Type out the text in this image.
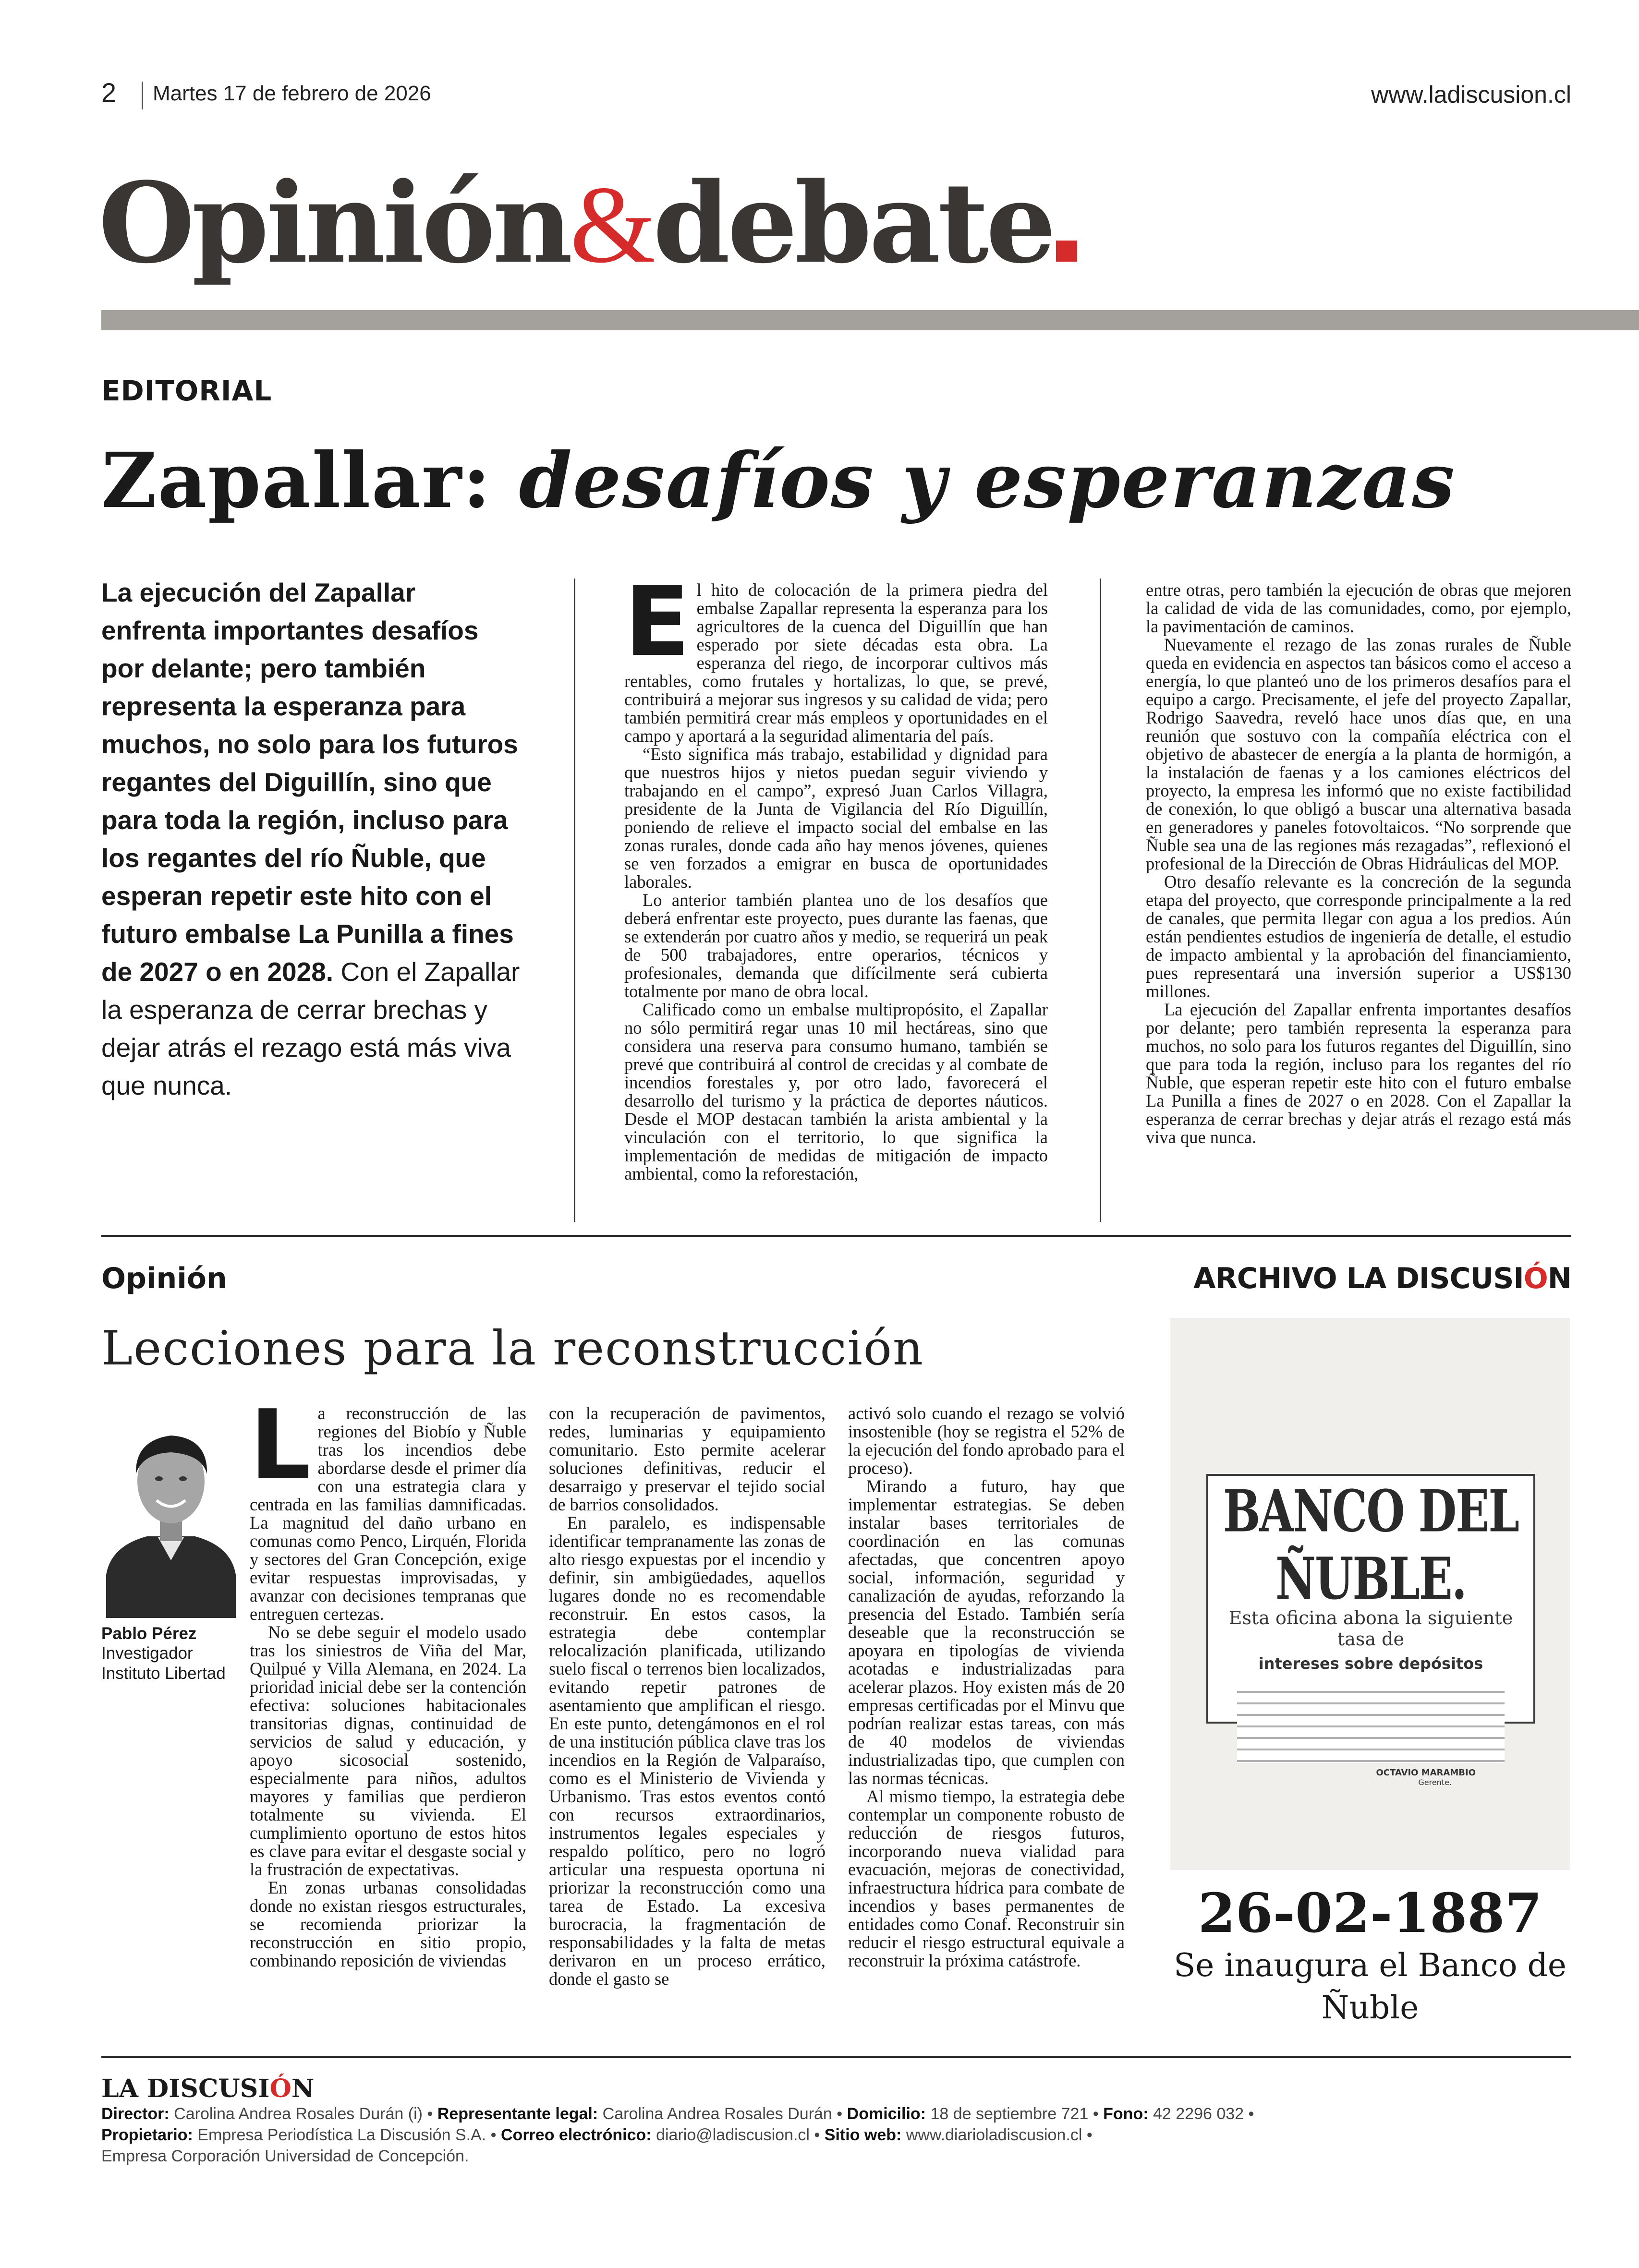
2 Martes 17 de febrero de 2026	www.ladiscusion.cl
Opinión&debate
EDITORIAL
Zapallar: desafíos y esperanzas
La ejecución del Zapallar enfrenta importantes desafíos por delante; pero también representa la esperanza para muchos, no solo para los futuros regantes del Diguillín, sino que para toda la región, incluso para los regantes del río Ñuble, que esperan repetir este hito con el futuro embalse La Punilla a fines de 2027 o en 2028. Con el Zapallar la esperanza de cerrar brechas y dejar atrás el rezago está más viva que nunca.
E l hito de colocación de la primera piedra del embalse Zapallar representa la esperanza para los agricultores de la cuenca del Diguillín que han esperado por siete décadas esta obra. La esperanza del riego, de incorporar cultivos más rentables, como frutales y hortalizas, lo que, se prevé, contribuirá a mejorar sus ingresos y su calidad de vida; pero también permitirá crear más empleos y oportunidades en el campo y aportará a la seguridad alimentaria del país.

“Esto significa más trabajo, estabilidad y dignidad para que nuestros hijos y nietos puedan seguir viviendo y trabajando en el campo”, expresó Juan Carlos Villagra, presidente de la Junta de Vigilancia del Río Diguillín, poniendo de relieve el impacto social del embalse en las zonas rurales, donde cada año hay menos jóvenes, quienes se ven forzados a emigrar en busca de oportunidades laborales.

Lo anterior también plantea uno de los desafíos que deberá enfrentar este proyecto, pues durante las faenas, que se extenderán por cuatro años y medio, se requerirá un peak de 500 trabajadores, entre operarios, técnicos y profesionales, demanda que difícilmente será cubierta totalmente por mano de obra local.

Calificado como un embalse multipropósito, el Zapallar no sólo permitirá regar unas 10 mil hectáreas, sino que considera una reserva para consumo humano, también se prevé que contribuirá al control de crecidas y al combate de incendios forestales y, por otro lado, favorecerá el desarrollo del turismo y la práctica de deportes náuticos. Desde el MOP destacan también la arista ambiental y la vinculación con el territorio, lo que significa la implementación de medidas de mitigación de impacto ambiental, como la reforestación,

entre otras, pero también la ejecución de obras que mejoren la calidad de vida de las comunidades, como, por ejemplo, la pavimentación de caminos.

Nuevamente el rezago de las zonas rurales de Ñuble queda en evidencia en aspectos tan básicos como el acceso a energía, lo que planteó uno de los primeros desafíos para el equipo a cargo. Precisamente, el jefe del proyecto Zapallar, Rodrigo Saavedra, reveló hace unos días que, en una reunión que sostuvo con la compañía eléctrica con el objetivo de abastecer de energía a la planta de hormigón, a la instalación de faenas y a los camiones eléctricos del proyecto, la empresa les informó que no existe factibilidad de conexión, lo que obligó a buscar una alternativa basada en generadores y paneles fotovoltaicos. “No sorprende que Ñuble sea una de las regiones más rezagadas”, reflexionó el profesional de la Dirección de Obras Hidráulicas del MOP.

Otro desafío relevante es la concreción de la segunda etapa del proyecto, que corresponde principalmente a la red de canales, que permita llegar con agua a los predios. Aún están pendientes estudios de ingeniería de detalle, el estudio de impacto ambiental y la aprobación del financiamiento, pues representará una inversión superior a US$130 millones.

La ejecución del Zapallar enfrenta importantes desafíos por delante; pero también representa la esperanza para muchos, no solo para los futuros regantes del Diguillín, sino que para toda la región, incluso para los regantes del río Ñuble, que esperan repetir este hito con el futuro embalse La Punilla a fines de 2027 o en 2028. Con el Zapallar la esperanza de cerrar brechas y dejar atrás el rezago está más viva que nunca.

Opinión
Lecciones para la reconstrucción
Pablo Pérez
Investigador Instituto Libertad
L a reconstrucción de las regiones del Biobío y Ñuble tras los incendios debe abordarse desde el primer día con una estrategia clara y centrada en las familias damnificadas. La magnitud del daño urbano en comunas como Penco, Lirquén, Florida y sectores del Gran Concepción, exige evitar respuestas improvisadas, y avanzar con decisiones tempranas que entreguen certezas.

No se debe seguir el modelo usado tras los siniestros de Viña del Mar, Quilpué y Villa Alemana, en 2024. La prioridad inicial debe ser la contención efectiva: soluciones habitacionales transitorias dignas, continuidad de servicios de salud y educación, y apoyo sicosocial sostenido, especialmente para niños, adultos mayores y familias que perdieron totalmente su vivienda. El cumplimiento oportuno de estos hitos es clave para evitar el desgaste social y la frustración de expectativas.

En zonas urbanas consolidadas donde no existan riesgos estructurales, se recomienda priorizar la reconstrucción en sitio propio, combinando reposición de viviendas

con la recuperación de pavimentos, redes, luminarias y equipamiento comunitario. Esto permite acelerar soluciones definitivas, reducir el desarraigo y preservar el tejido social de barrios consolidados.

En paralelo, es indispensable identificar tempranamente las zonas de alto riesgo expuestas por el incendio y definir, sin ambigüedades, aquellos lugares donde no es recomendable reconstruir. En estos casos, la estrategia debe contemplar relocalización planificada, utilizando suelo fiscal o terrenos bien localizados, evitando repetir patrones de asentamiento que amplifican el riesgo. En este punto, detengámonos en el rol de una institución pública clave tras los incendios en la Región de Valparaíso, como es el Ministerio de Vivienda y Urbanismo. Tras estos eventos contó con recursos extraordinarios, instrumentos legales especiales y respaldo político, pero no logró articular una respuesta oportuna ni priorizar la reconstrucción como una tarea de Estado. La excesiva burocracia, la fragmentación de responsabilidades y la falta de metas derivaron en un proceso errático, donde el gasto se

activó solo cuando el rezago se volvió insostenible (hoy se registra el 52% de la ejecución del fondo aprobado para el proceso).

Mirando a futuro, hay que implementar estrategias. Se deben instalar bases territoriales de coordinación en las comunas afectadas, que concentren apoyo social, información, seguridad y canalización de ayudas, reforzando la presencia del Estado. También sería deseable que la reconstrucción se apoyara en tipologías de vivienda acotadas e industrializadas para acelerar plazos. Hoy existen más de 20 empresas certificadas por el Minvu que podrían realizar estas tareas, con más de 40 modelos de viviendas industrializadas tipo, que cumplen con las normas técnicas.

Al mismo tiempo, la estrategia debe contemplar un componente robusto de reducción de riesgos futuros, incorporando nueva vialidad para evacuación, mejoras de conectividad, infraestructura hídrica para combate de incendios y bases permanentes de entidades como Conaf. Reconstruir sin reducir el riesgo estructural equivale a reconstruir la próxima catástrofe.

ARCHIVO LA DISCUSIÓN
BANCO DEL ÑUBLE.
Esta oficina abona la siguiente tasa de
intereses sobre depósitos
OCTAVIO MARAMBIO
Gerente.
26-02-1887
Se inaugura el Banco de Ñuble
LA DISCUSIÓN
Director: Carolina Andrea Rosales Durán (i) • Representante legal: Carolina Andrea Rosales Durán • Domicilio: 18 de septiembre 721 • Fono: 42 2296 032 •
Propietario: Empresa Periodística La Discusión S.A. • Correo electrónico: diario@ladiscusion.cl • Sitio web: www.diarioladiscusion.cl •
Empresa Corporación Universidad de Concepción.
